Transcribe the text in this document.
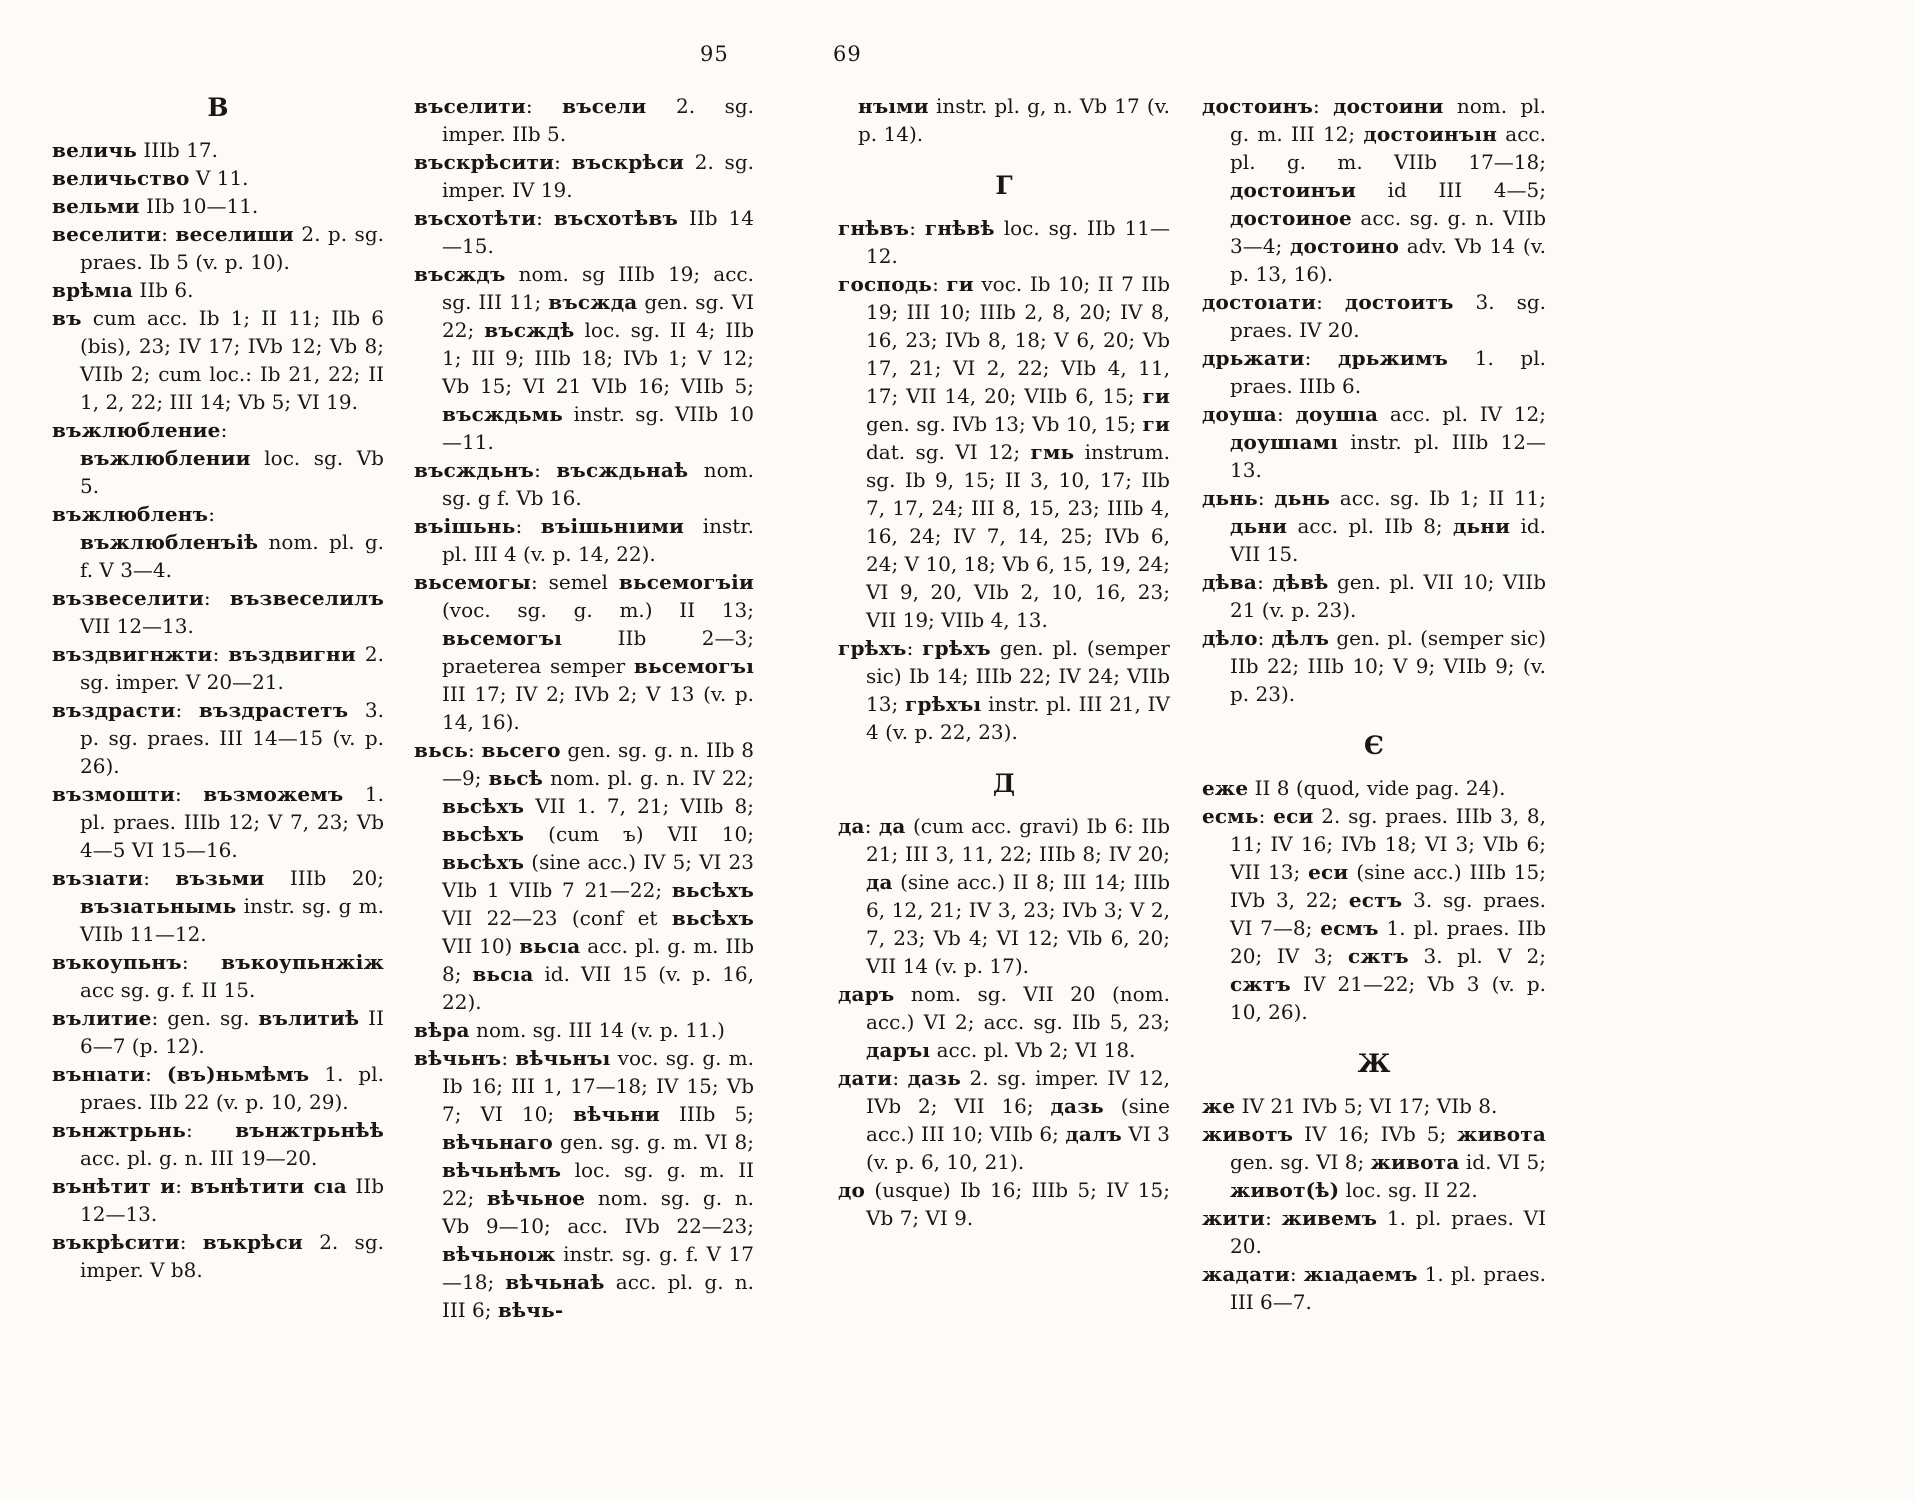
95	69
В

величь IIIb 17.

величьство V 11.

вельми IIb 10—11.

веселити: веселиши 2. p. sg. praes. Ib 5 (v. p. 10).

врѣмıа IIb 6.

въ cum acc. Ib 1; II 11; IIb 6 (bis), 23; IV 17; IVb 12; Vb 8; VIIb 2; cum loc.: Ib 21, 22; II 1, 2, 22; III 14; Vb 5; VI 19.

въжлюбление: въжлюблении loc. sg. Vb 5.

въжлюбленъ: въжлюбленъіѣ nom. pl. g. f. V 3—4.

възвеселити: възвеселилъ VII 12—13.

въздвигнжти: въздвигни 2. sg. imper. V 20—21.

въздрасти: въздрастетъ 3. p. sg. praes. III 14—15 (v. p. 26).

възмошти: възможемъ 1. pl. praes. IIIb 12; V 7, 23; Vb 4—5 VI 15—16.

възıати: възьми IIIb 20; възıатьнымь instr. sg. g m. VIIb 11—12.

въкоупьнъ: въкоупьнжіж acc sg. g. f. II 15.

вълитие: gen. sg. вълитиѣ II 6—7 (p. 12).

вънıати: (въ)ньмѣмъ 1. pl. praes. IIb 22 (v. p. 10, 29).

вънжтрьнь: вънжтрьнѣѣ acc. pl. g. n. III 19—20.

вънѣтит и: вънѣтити сıа IIb 12—13.

въкрѣсити: въкрѣси 2. sg. imper. V b8.

въселити: въсели 2. sg. imper. IIb 5.

въскрѣсити: въскрѣси 2. sg. imper. IV 19.

въсхотѣти: въсхотѣвъ IIb 14—15.

въсждъ nom. sg IIIb 19; acc. sg. III 11; въсжда gen. sg. VI 22; въсждѣ loc. sg. II 4; IIb 1; III 9; IIIb 18; IVb 1; V 12; Vb 15; VI 21 VIb 16; VIIb 5; въсждьмь instr. sg. VIIb 10—11.

въсждьнъ: въсждьнаѣ nom. sg. g f. Vb 16.

въішьнь: въішьнıими instr. pl. III 4 (v. p. 14, 22).

вьсемогы: semel вьсемогъіи (voc. sg. g. m.) II 13; вьсемогъı IIb 2—3; praeterea semper вьсемогъı III 17; IV 2; IVb 2; V 13 (v. p. 14, 16).

вьсь: вьсего gen. sg. g. n. IIb 8—9; вьсѣ nom. pl. g. n. IV 22; вьсѣхъ VII 1. 7, 21; VIIb 8; вьсѣхъ (cum ъ) VII 10; вьсѣхъ (sine acc.) IV 5; VI 23 VIb 1 VIIb 7 21—22; вьсѣхъ VII 22—23 (conf et вьсѣхъ VII 10) вьсıа acc. pl. g. m. IIb 8; вьсıа id. VII 15 (v. p. 16, 22).

вѣра nom. sg. III 14 (v. p. 11.)

вѣчьнъ: вѣчьнъı voc. sg. g. m. Ib 16; III 1, 17—18; IV 15; Vb 7; VI 10; вѣчьни IIIb 5; вѣчьнаго gen. sg. g. m. VI 8; вѣчьнѣмъ loc. sg. g. m. II 22; вѣчьное nom. sg. g. n. Vb 9—10; acc. IVb 22—23; вѣчьноıж instr. sg. g. f. V 17—18; вѣчьнаѣ acc. pl. g. n. III 6; вѣчь-

нъıми instr. pl. g, n. Vb 17 (v. p. 14).

Г

гнѣвъ: гнѣвѣ loc. sg. IIb 11—12.

господь: ги voc. Ib 10; II 7 IIb 19; III 10; IIIb 2, 8, 20; IV 8, 16, 23; IVb 8, 18; V 6, 20; Vb 17, 21; VI 2, 22; VIb 4, 11, 17; VII 14, 20; VIIb 6, 15; ги gen. sg. IVb 13; Vb 10, 15; ги dat. sg. VI 12; гмь instrum. sg. Ib 9, 15; II 3, 10, 17; IIb 7, 17, 24; III 8, 15, 23; IIIb 4, 16, 24; IV 7, 14, 25; IVb 6, 24; V 10, 18; Vb 6, 15, 19, 24; VI 9, 20, VIb 2, 10, 16, 23; VII 19; VIIb 4, 13.

грѣхъ: грѣхъ gen. pl. (semper sic) Ib 14; IIIb 22; IV 24; VIIb 13; грѣхъı instr. pl. III 21, IV 4 (v. p. 22, 23).

Д

да: да (cum acc. gravi) Ib 6: IIb 21; III 3, 11, 22; IIIb 8; IV 20; да (sine acc.) II 8; III 14; IIIb 6, 12, 21; IV 3, 23; IVb 3; V 2, 7, 23; Vb 4; VI 12; VIb 6, 20; VII 14 (v. p. 17).

даръ nom. sg. VII 20 (nom. acc.) VI 2; acc. sg. IIb 5, 23; даръı acc. pl. Vb 2; VI 18.

дати: дазь 2. sg. imper. IV 12, IVb 2; VII 16; дазь (sine acc.) III 10; VIIb 6; далъ VI 3 (v. p. 6, 10, 21).

до (usque) Ib 16; IIIb 5; IV 15; Vb 7; VI 9.

достоинъ: достоини nom. pl. g. m. III 12; достоинъıн acc. pl. g. m. VIIb 17—18; достоинъи id III 4—5; достоиное acc. sg. g. n. VIIb 3—4; достоино adv. Vb 14 (v. p. 13, 16).

достоıати: достоитъ 3. sg. praes. IV 20.

дрьжати: дрьжимъ 1. pl. praes. IIIb 6.

доуша: доушıа acc. pl. IV 12; доушıамı instr. pl. IIIb 12—13.

дьнь: дьнь acc. sg. Ib 1; II 11; дьни acc. pl. IIb 8; дьни id. VII 15.

дѣва: дѣвѣ gen. pl. VII 10; VIIb 21 (v. p. 23).

дѣло: дѣлъ gen. pl. (semper sic) IIb 22; IIIb 10; V 9; VIIb 9; (v. p. 23).

Є

еже II 8 (quod, vide pag. 24).

есмь: еси 2. sg. praes. IIIb 3, 8, 11; IV 16; IVb 18; VI 3; VIb 6; VII 13; еси (sine acc.) IIIb 15; IVb 3, 22; естъ 3. sg. praes. VI 7—8; есмъ 1. pl. praes. IIb 20; IV 3; сжтъ 3. pl. V 2; сжтъ IV 21—22; Vb 3 (v. p. 10, 26).

Ж

же IV 21 IVb 5; VI 17; VIb 8.

животъ IV 16; IVb 5; живота gen. sg. VI 8; живота id. VI 5; живот(ѣ) loc. sg. II 22.

жити: живемъ 1. pl. praes. VI 20.

жадати: жıадаемъ 1. pl. praes. III 6—7.
